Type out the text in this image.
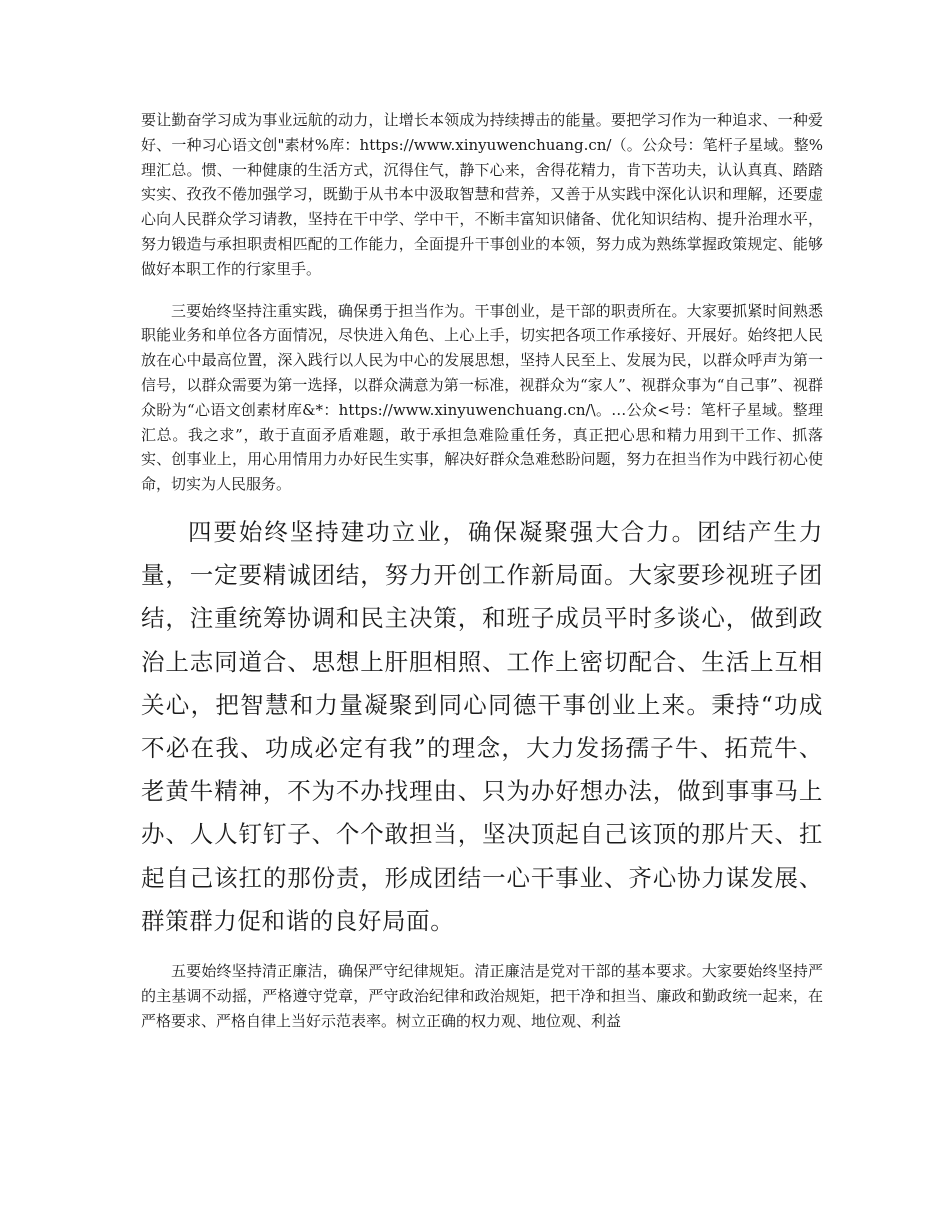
要让勤奋学习成为事业远航的动力，让增长本领成为持续搏击的能量。要把学习作为一种追求、一种爱好、一种习心语文创"素材%库：https://www.xinyuwenchuang.cn/（。公众号：笔杆子星域。整%理汇总。惯、一种健康的生活方式，沉得住气，静下心来，舍得花精力，肯下苦功夫，认认真真、踏踏实实、孜孜不倦加强学习，既勤于从书本中汲取智慧和营养，又善于从实践中深化认识和理解，还要虚心向人民群众学习请教，坚持在干中学、学中干，不断丰富知识储备、优化知识结构、提升治理水平，努力锻造与承担职责相匹配的工作能力，全面提升干事创业的本领，努力成为熟练掌握政策规定、能够做好本职工作的行家里手。

三要始终坚持注重实践，确保勇于担当作为。干事创业，是干部的职责所在。大家要抓紧时间熟悉职能业务和单位各方面情况，尽快进入角色、上心上手，切实把各项工作承接好、开展好。始终把人民放在心中最高位置，深入践行以人民为中心的发展思想，坚持人民至上、发展为民，以群众呼声为第一信号，以群众需要为第一选择，以群众满意为第一标准，视群众为“家人”、视群众事为“自己事”、视群众盼为“心语文创素材库&*：https://www.xinyuwenchuang.cn/\。…公众<号：笔杆子星域。整理汇总。我之求”，敢于直面矛盾难题，敢于承担急难险重任务，真正把心思和精力用到干工作、抓落实、创事业上，用心用情用力办好民生实事，解决好群众急难愁盼问题，努力在担当作为中践行初心使命，切实为人民服务。

四要始终坚持建功立业，确保凝聚强大合力。团结产生力量，一定要精诚团结，努力开创工作新局面。大家要珍视班子团结，注重统筹协调和民主决策，和班子成员平时多谈心，做到政治上志同道合、思想上肝胆相照、工作上密切配合、生活上互相关心，把智慧和力量凝聚到同心同德干事创业上来。秉持“功成不必在我、功成必定有我”的理念，大力发扬孺子牛、拓荒牛、老黄牛精神，不为不办找理由、只为办好想办法，做到事事马上办、人人钉钉子、个个敢担当，坚决顶起自己该顶的那片天、扛起自己该扛的那份责，形成团结一心干事业、齐心协力谋发展、群策群力促和谐的良好局面。

五要始终坚持清正廉洁，确保严守纪律规矩。清正廉洁是党对干部的基本要求。大家要始终坚持严的主基调不动摇，严格遵守党章，严守政治纪律和政治规矩，把干净和担当、廉政和勤政统一起来，在严格要求、严格自律上当好示范表率。树立正确的权力观、地位观、利益
